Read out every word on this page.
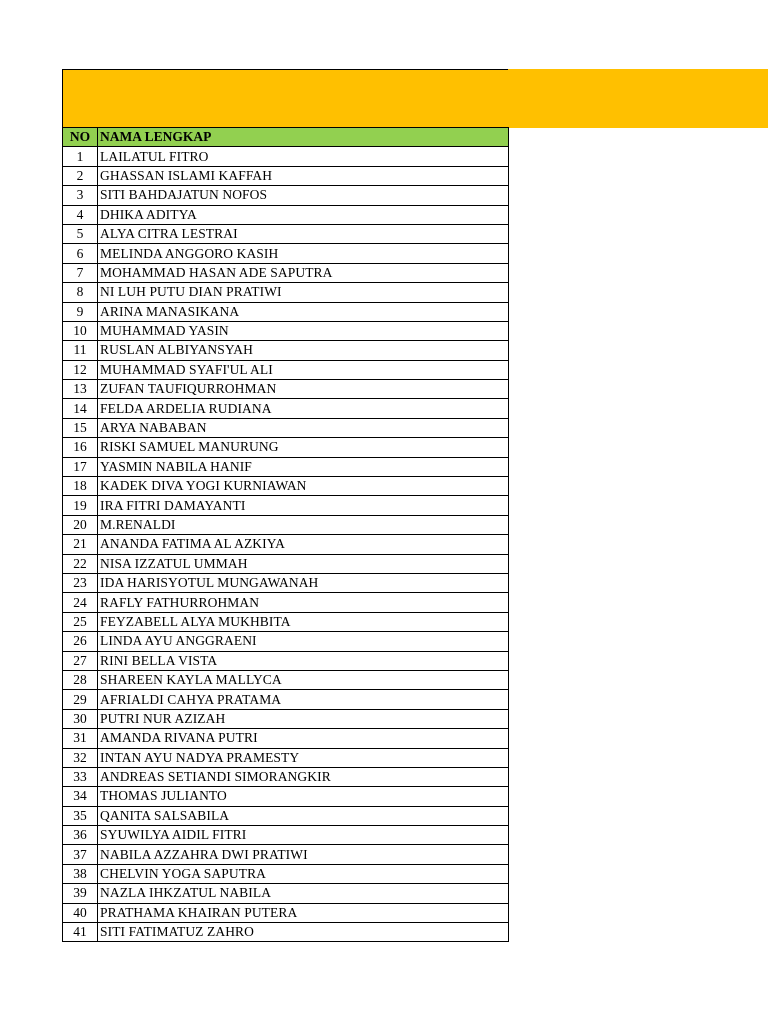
NO	NAMA LENGKAP
1	LAILATUL FITRO
2	GHASSAN ISLAMI KAFFAH
3	SITI BAHDAJATUN NOFOS
4	DHIKA ADITYA
5	ALYA CITRA LESTRAI
6	MELINDA ANGGORO KASIH
7	MOHAMMAD HASAN ADE SAPUTRA
8	NI LUH PUTU DIAN PRATIWI
9	ARINA MANASIKANA
10	MUHAMMAD YASIN
11	RUSLAN ALBIYANSYAH
12	MUHAMMAD SYAFI'UL ALI
13	ZUFAN TAUFIQURROHMAN
14	FELDA ARDELIA RUDIANA
15	ARYA NABABAN
16	RISKI SAMUEL MANURUNG
17	YASMIN NABILA HANIF
18	KADEK DIVA YOGI KURNIAWAN
19	IRA FITRI DAMAYANTI
20	M.RENALDI
21	ANANDA FATIMA AL AZKIYA
22	NISA IZZATUL UMMAH
23	IDA HARISYOTUL MUNGAWANAH
24	RAFLY FATHURROHMAN
25	FEYZABELL ALYA MUKHBITA
26	LINDA AYU ANGGRAENI
27	RINI BELLA VISTA
28	SHAREEN KAYLA MALLYCA
29	AFRIALDI CAHYA PRATAMA
30	PUTRI NUR AZIZAH
31	AMANDA RIVANA PUTRI
32	INTAN AYU NADYA PRAMESTY
33	ANDREAS SETIANDI SIMORANGKIR
34	THOMAS JULIANTO
35	QANITA SALSABILA
36	SYUWILYA AIDIL FITRI
37	NABILA AZZAHRA DWI PRATIWI
38	CHELVIN YOGA SAPUTRA
39	NAZLA IHKZATUL NABILA
40	PRATHAMA KHAIRAN PUTERA
41	SITI FATIMATUZ ZAHRO
